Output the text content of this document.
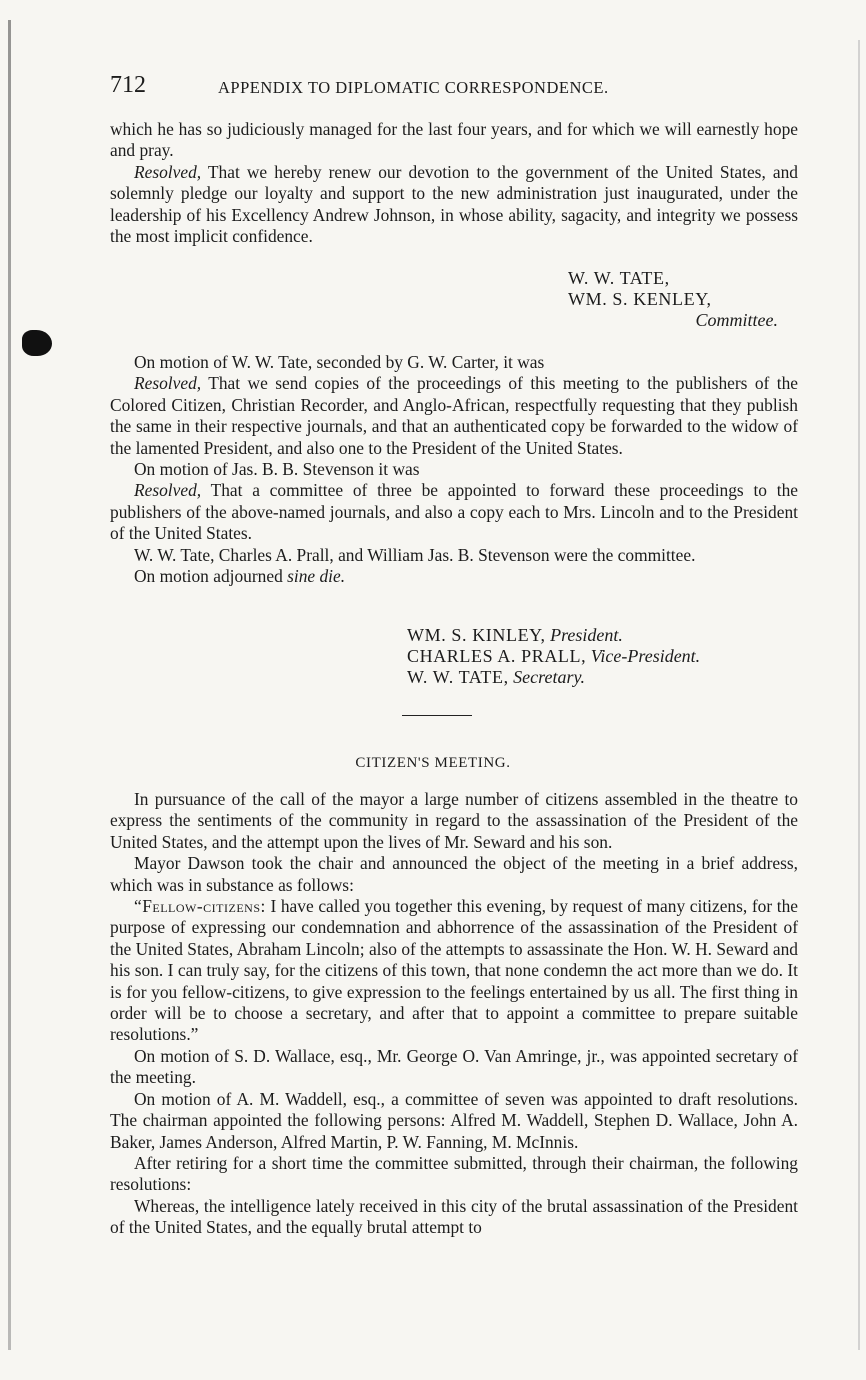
712	APPENDIX TO DIPLOMATIC CORRESPONDENCE.

which he has so judiciously managed for the last four years, and for which we will earnestly hope and pray.

Resolved, That we hereby renew our devotion to the government of the United States, and solemnly pledge our loyalty and support to the new administration just inaugurated, under the leadership of his Excellency Andrew Johnson, in whose ability, sagacity, and integrity we possess the most implicit confidence.

W. W. TATE,
WM. S. KENLEY,
Committee.

On motion of W. W. Tate, seconded by G. W. Carter, it was

Resolved, That we send copies of the proceedings of this meeting to the publishers of the Colored Citizen, Christian Recorder, and Anglo-African, respectfully requesting that they publish the same in their respective journals, and that an authenticated copy be forwarded to the widow of the lamented President, and also one to the President of the United States.

On motion of Jas. B. B. Stevenson it was

Resolved, That a committee of three be appointed to forward these proceedings to the publishers of the above-named journals, and also a copy each to Mrs. Lincoln and to the President of the United States.

W. W. Tate, Charles A. Prall, and William Jas. B. Stevenson were the committee.

On motion adjourned sine die.

WM. S. KINLEY, President.
CHARLES A. PRALL, Vice-President.
W. W. TATE, Secretary.
CITIZEN'S MEETING.

In pursuance of the call of the mayor a large number of citizens assembled in the theatre to express the sentiments of the community in regard to the assassination of the President of the United States, and the attempt upon the lives of Mr. Seward and his son.

Mayor Dawson took the chair and announced the object of the meeting in a brief address, which was in substance as follows:

“Fellow-citizens: I have called you together this evening, by request of many citizens, for the purpose of expressing our condemnation and abhorrence of the assassination of the President of the United States, Abraham Lincoln; also of the attempts to assassinate the Hon. W. H. Seward and his son. I can truly say, for the citizens of this town, that none condemn the act more than we do. It is for you fellow-citizens, to give expression to the feelings entertained by us all. The first thing in order will be to choose a secretary, and after that to appoint a committee to prepare suitable resolutions.”

On motion of S. D. Wallace, esq., Mr. George O. Van Amringe, jr., was appointed secretary of the meeting.

On motion of A. M. Waddell, esq., a committee of seven was appointed to draft resolutions. The chairman appointed the following persons: Alfred M. Waddell, Stephen D. Wallace, John A. Baker, James Anderson, Alfred Martin, P. W. Fanning, M. McInnis.

After retiring for a short time the committee submitted, through their chairman, the following resolutions:

Whereas, the intelligence lately received in this city of the brutal assassination of the President of the United States, and the equally brutal attempt to
